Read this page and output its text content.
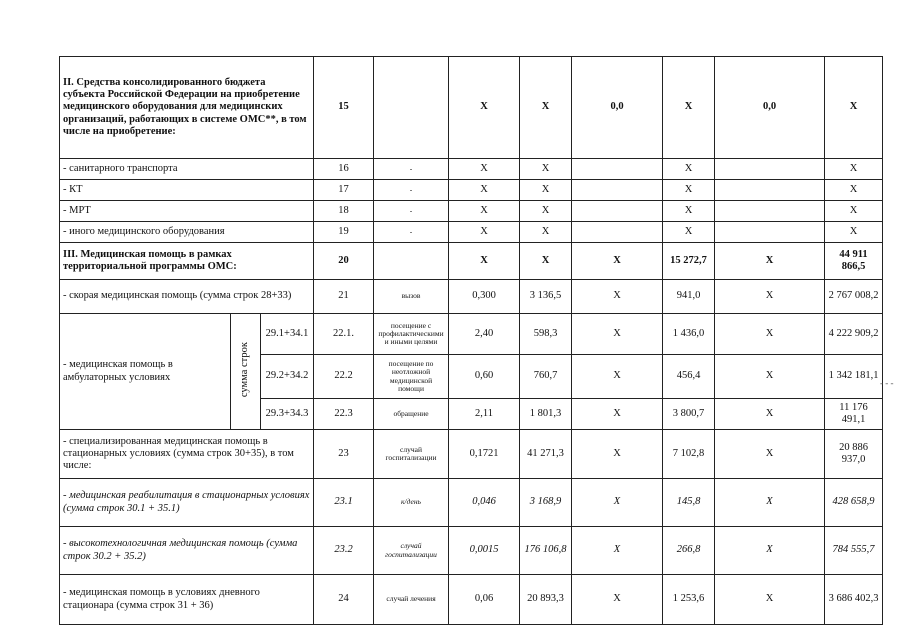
II. Средства консолидированного бюджета субъекта Российской Федерации на приобретение медицинского оборудования для медицинских организаций, работающих в системе ОМС**, в том числе на приобретение:			15		Х	Х	0,0	Х	0,0	Х	
- санитарного транспорта			16	-	Х	Х		Х		Х	
- КТ			17	-	Х	Х		Х		Х	
- МРТ			18	-	Х	Х		Х		Х	
- иного медицинского оборудования			19	-	Х	Х		Х		Х	
III. Медицинская помощь в рамках территориальной программы ОМС:			20		Х	Х	Х	15 272,7	Х	44 911 866,5	
- скорая медицинская помощь (сумма строк 28+33)			21	вызов	0,300	3 136,5	Х	941,0	Х	2 767 008,2	
- медицинская помощь в амбулаторных условиях	сумма строк	29.1+34.1	22.1.	посещение с профилактическими и иными целями	2,40	598,3	Х	1 436,0	Х	4 222 909,2	
		29.2+34.2	22.2	посещение по неотложной медицинской помощи	0,60	760,7	Х	456,4	Х	1 342 181,1	
		29.3+34.3	22.3	обращение	2,11	1 801,3	Х	3 800,7	Х	11 176 491,1	
- специализированная медицинская помощь в стационарных условиях (сумма строк 30+35), в том числе:			23	случай госпитализации	0,1721	41 271,3	Х	7 102,8	Х	20 886 937,0	
- медицинская реабилитация в стационарных условиях (сумма строк 30.1 + 35.1)			23.1	к/день	0,046	3 168,9	Х	145,8	Х	428 658,9	
- высокотехнологичная медицинская помощь (сумма строк 30.2 + 35.2)			23.2	случай госпитализации	0,0015	176 106,8	Х	266,8	Х	784 555,7	
- медицинская помощь в условиях дневного стационара (сумма строк 31 + 36)			24	случай лечения	0,06	20 893,3	Х	1 253,6	Х	3 686 402,3	
- - -
